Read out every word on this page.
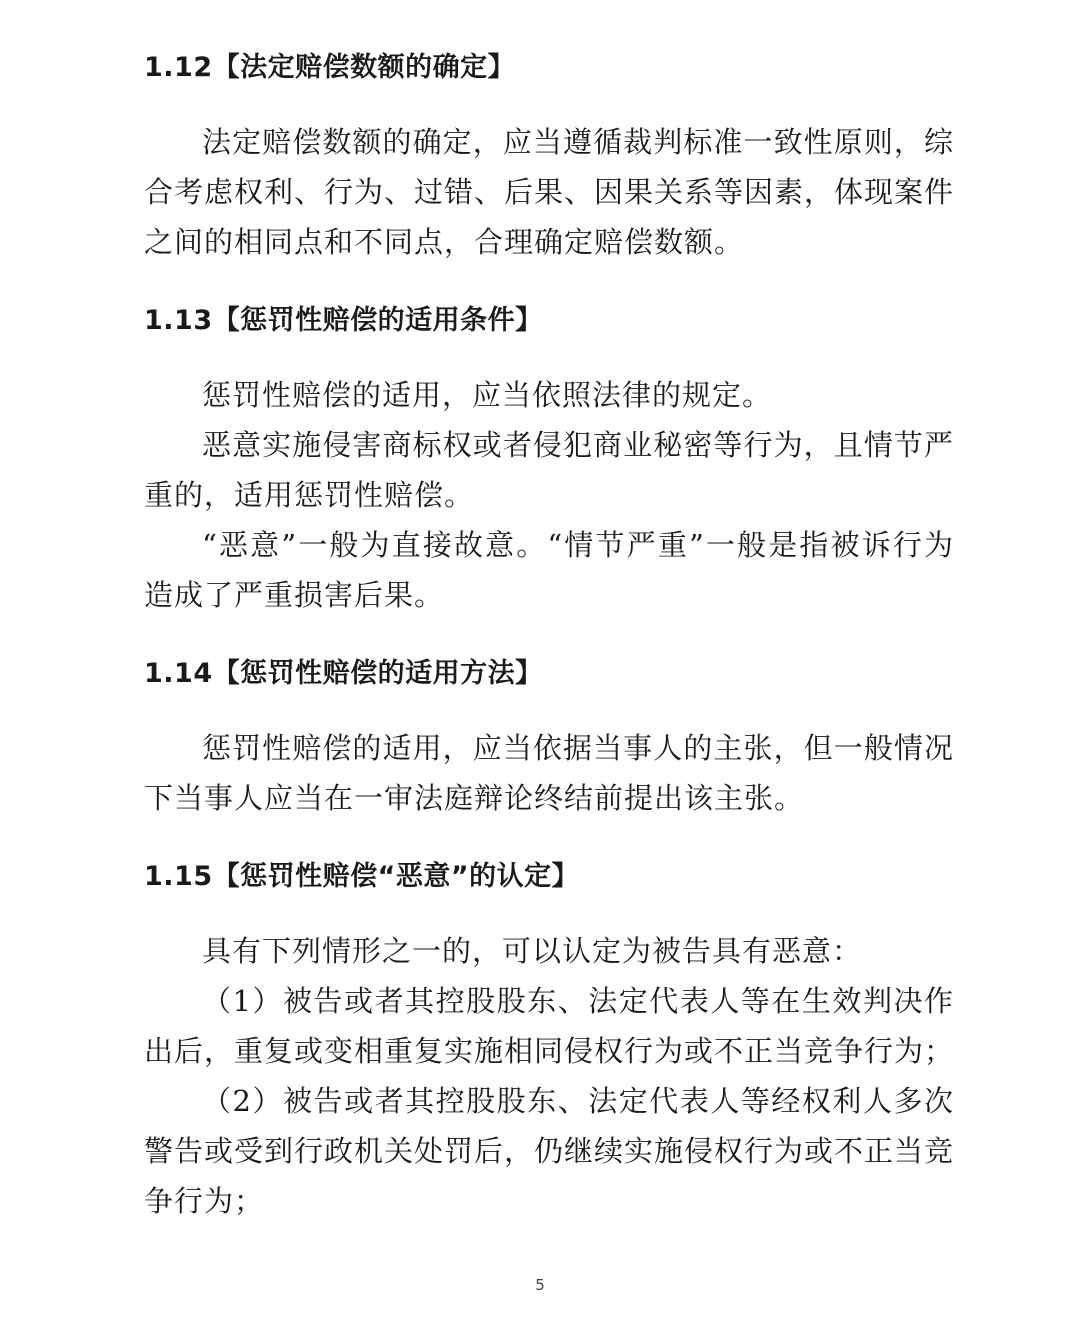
1.12【法定赔偿数额的确定】

法定赔偿数额的确定，应当遵循裁判标准一致性原则，综合考虑权利、行为、过错、后果、因果关系等因素，体现案件之间的相同点和不同点，合理确定赔偿数额。

1.13【惩罚性赔偿的适用条件】

惩罚性赔偿的适用，应当依照法律的规定。

恶意实施侵害商标权或者侵犯商业秘密等行为，且情节严重的，适用惩罚性赔偿。

“恶意”一般为直接故意。“情节严重”一般是指被诉行为造成了严重损害后果。

1.14【惩罚性赔偿的适用方法】

惩罚性赔偿的适用，应当依据当事人的主张，但一般情况下当事人应当在一审法庭辩论终结前提出该主张。

1.15【惩罚性赔偿“恶意”的认定】

具有下列情形之一的，可以认定为被告具有恶意：

（1）被告或者其控股股东、法定代表人等在生效判决作出后，重复或变相重复实施相同侵权行为或不正当竞争行为；

（2）被告或者其控股股东、法定代表人等经权利人多次警告或受到行政机关处罚后，仍继续实施侵权行为或不正当竞争行为；

5
